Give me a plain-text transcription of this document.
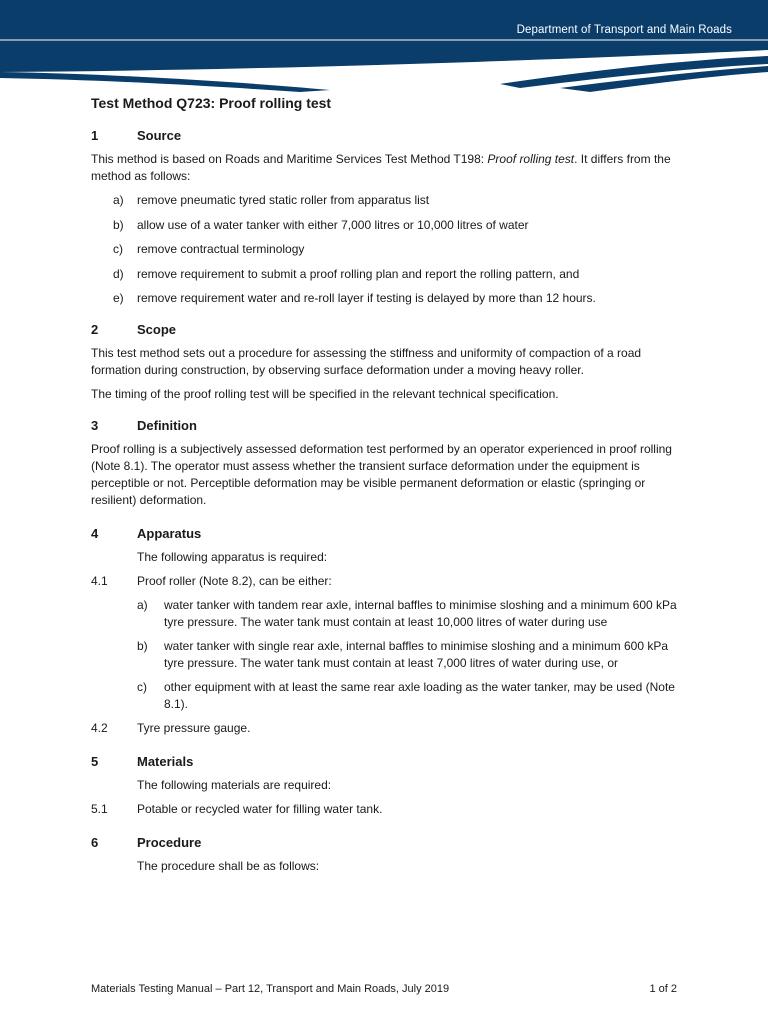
Department of Transport and Main Roads
Test Method Q723: Proof rolling test
1	Source

This method is based on Roads and Maritime Services Test Method T198: Proof rolling test. It differs from the method as follows:

a)	remove pneumatic tyred static roller from apparatus list
b)	allow use of a water tanker with either 7,000 litres or 10,000 litres of water
c)	remove contractual terminology
d)	remove requirement to submit a proof rolling plan and report the rolling pattern, and
e)	remove requirement water and re-roll layer if testing is delayed by more than 12 hours.
2	Scope

This test method sets out a procedure for assessing the stiffness and uniformity of compaction of a road formation during construction, by observing surface deformation under a moving heavy roller.

The timing of the proof rolling test will be specified in the relevant technical specification.

3	Definition

Proof rolling is a subjectively assessed deformation test performed by an operator experienced in proof rolling (Note 8.1). The operator must assess whether the transient surface deformation under the equipment is perceptible or not. Perceptible deformation may be visible permanent deformation or elastic (springing or resilient) deformation.

4	Apparatus

The following apparatus is required:

4.1	Proof roller (Note 8.2), can be either:
a)	water tanker with tandem rear axle, internal baffles to minimise sloshing and a minimum 600 kPa tyre pressure. The water tank must contain at least 10,000 litres of water during use
b)	water tanker with single rear axle, internal baffles to minimise sloshing and a minimum 600 kPa tyre pressure. The water tank must contain at least 7,000 litres of water during use, or
c)	other equipment with at least the same rear axle loading as the water tanker, may be used (Note 8.1).
4.2	Tyre pressure gauge.
5	Materials

The following materials are required:

5.1	Potable or recycled water for filling water tank.
6	Procedure

The procedure shall be as follows:

Materials Testing Manual – Part 12, Transport and Main Roads, July 2019	1 of 2
